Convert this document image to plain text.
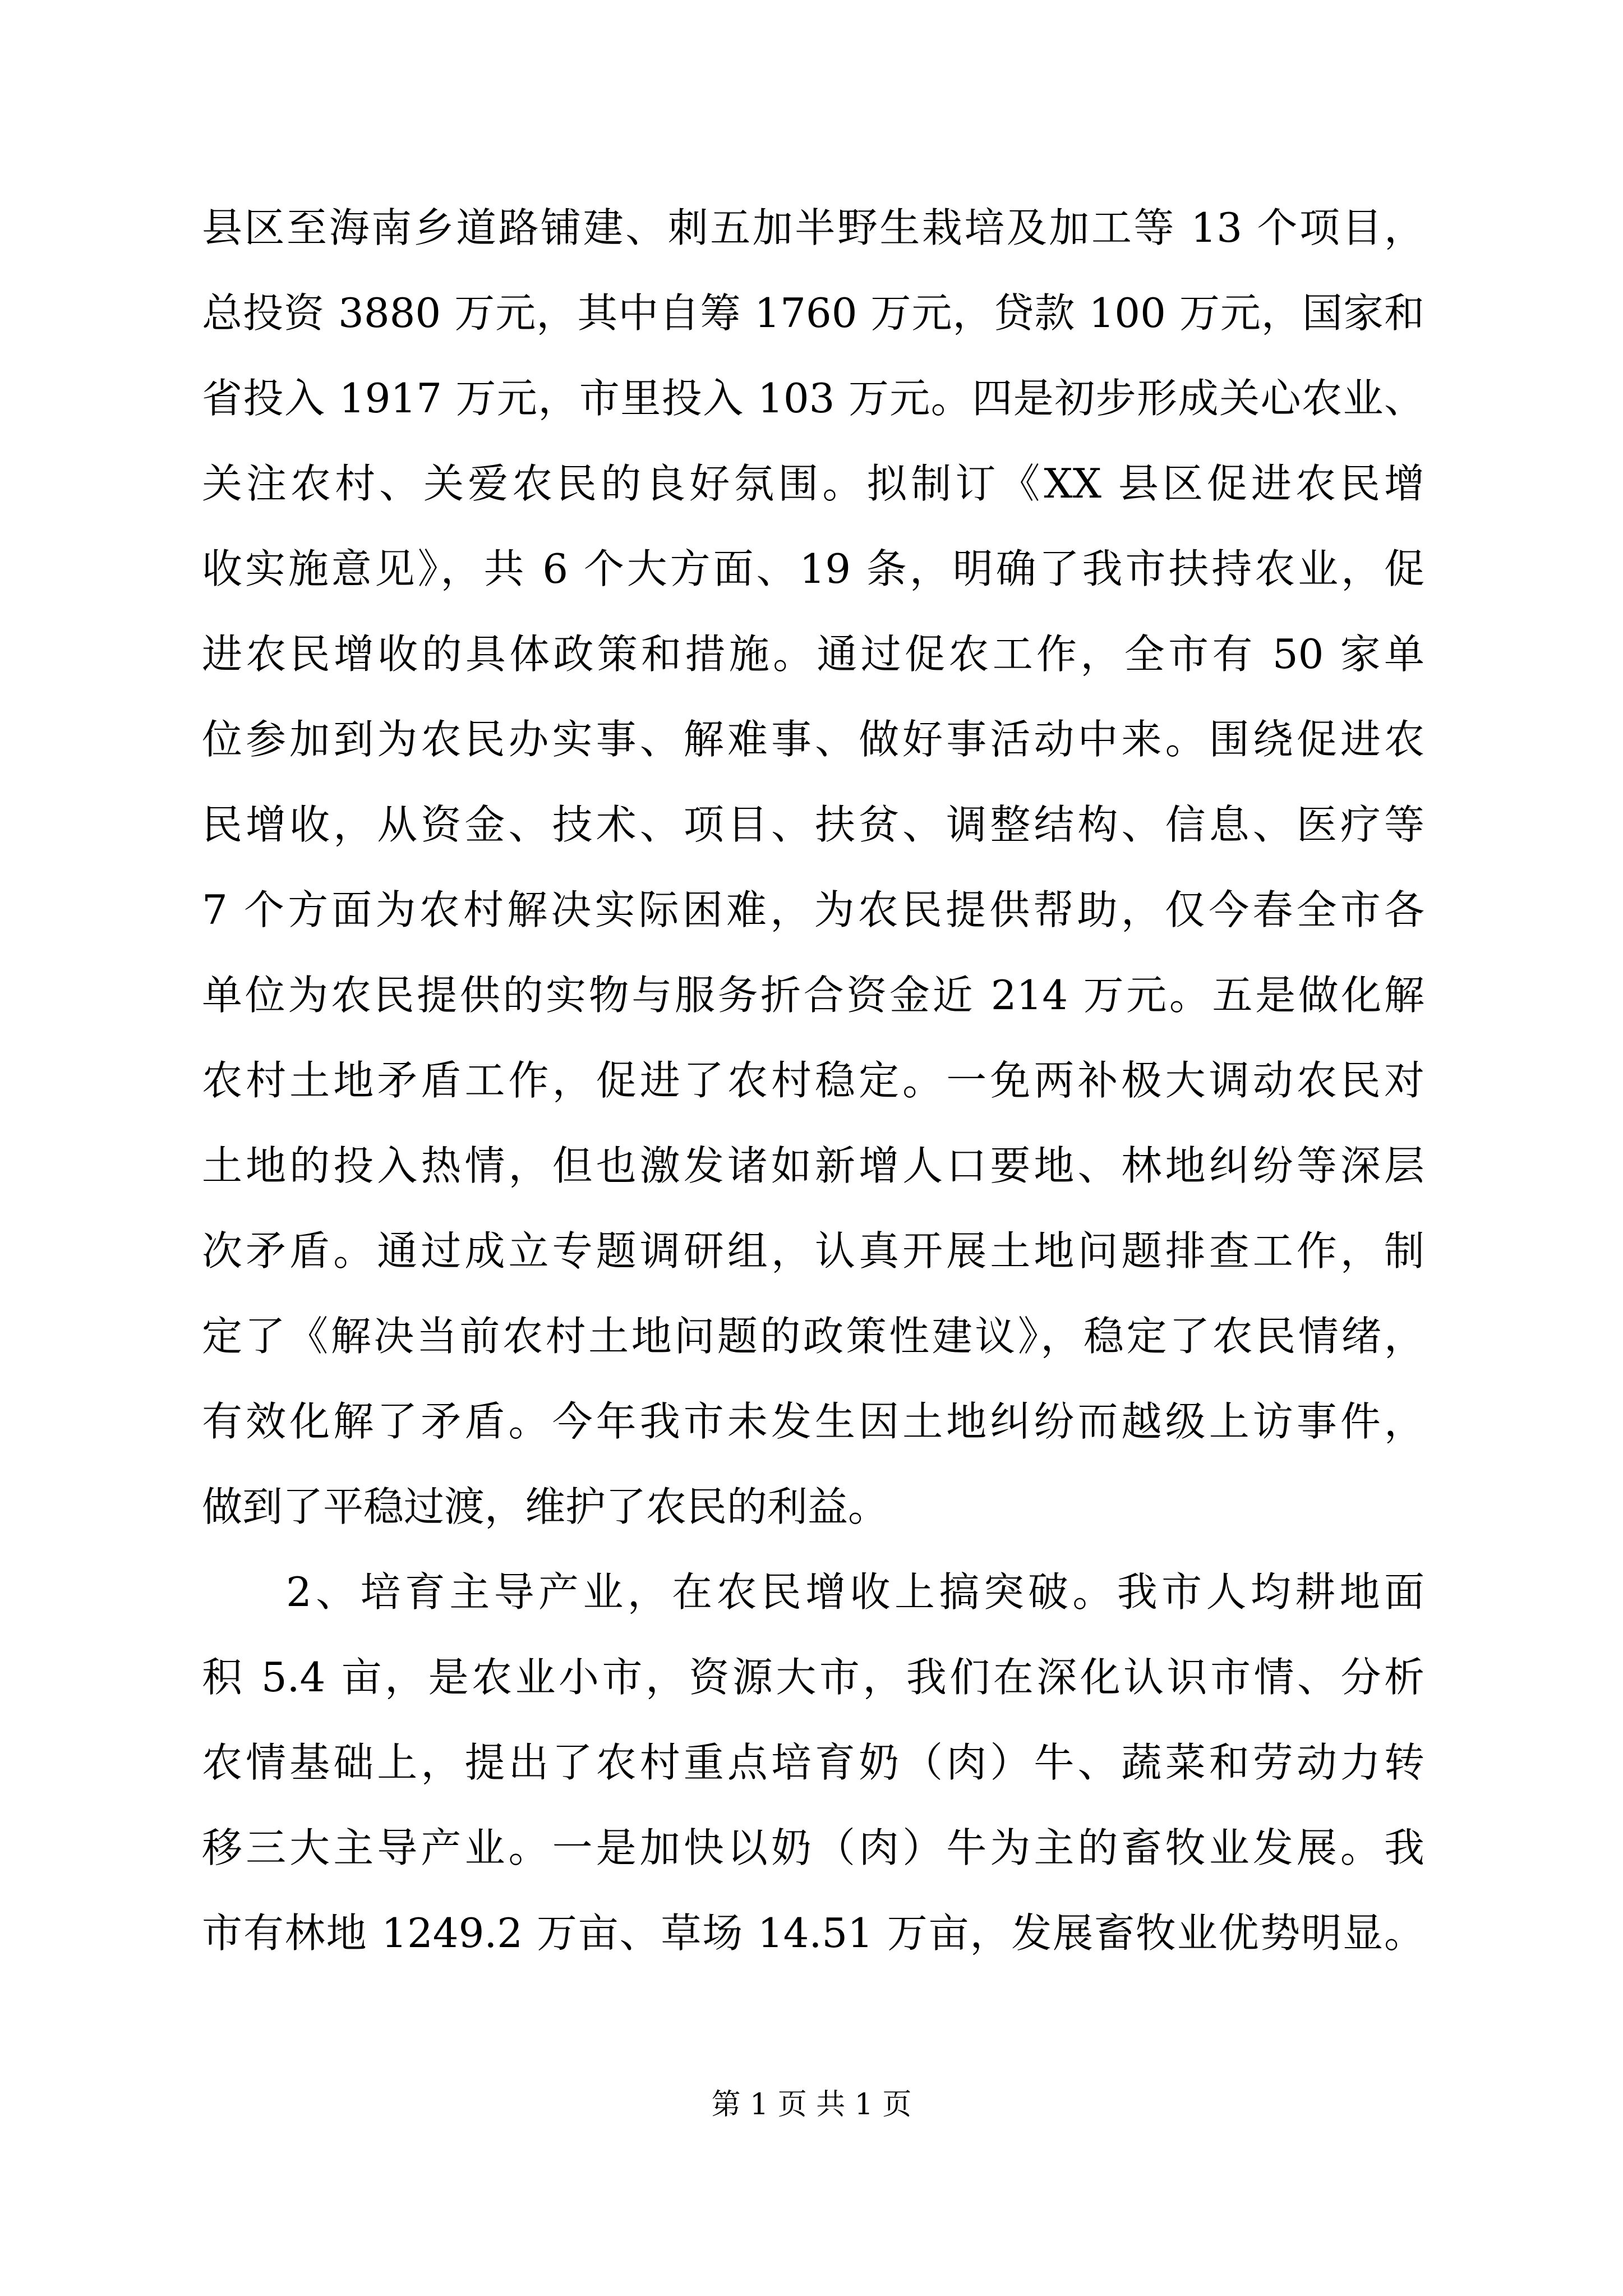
县区至海南乡道路铺建、刺五加半野生栽培及加工等 13 个项目，
总投资 3880 万元，其中自筹 1760 万元，贷款 100 万元，国家和
省投入 1917 万元，市里投入 103 万元。四是初步形成关心农业、
关注农村、关爱农民的良好氛围。拟制订《XX 县区促进农民增
收实施意见》，共 6 个大方面、19 条，明确了我市扶持农业，促
进农民增收的具体政策和措施。通过促农工作，全市有 50 家单
位参加到为农民办实事、解难事、做好事活动中来。围绕促进农
民增收，从资金、技术、项目、扶贫、调整结构、信息、医疗等
7 个方面为农村解决实际困难，为农民提供帮助，仅今春全市各
单位为农民提供的实物与服务折合资金近 214 万元。五是做化解
农村土地矛盾工作，促进了农村稳定。一免两补极大调动农民对
土地的投入热情，但也激发诸如新增人口要地、林地纠纷等深层
次矛盾。通过成立专题调研组，认真开展土地问题排查工作，制
定了《解决当前农村土地问题的政策性建议》，稳定了农民情绪，
有效化解了矛盾。今年我市未发生因土地纠纷而越级上访事件，
做到了平稳过渡，维护了农民的利益。
2、培育主导产业，在农民增收上搞突破。我市人均耕地面
积 5.4 亩，是农业小市，资源大市，我们在深化认识市情、分析
农情基础上，提出了农村重点培育奶（肉）牛、蔬菜和劳动力转
移三大主导产业。一是加快以奶（肉）牛为主的畜牧业发展。我
市有林地 1249.2 万亩、草场 14.51 万亩，发展畜牧业优势明显。
第 1 页 共 1 页
